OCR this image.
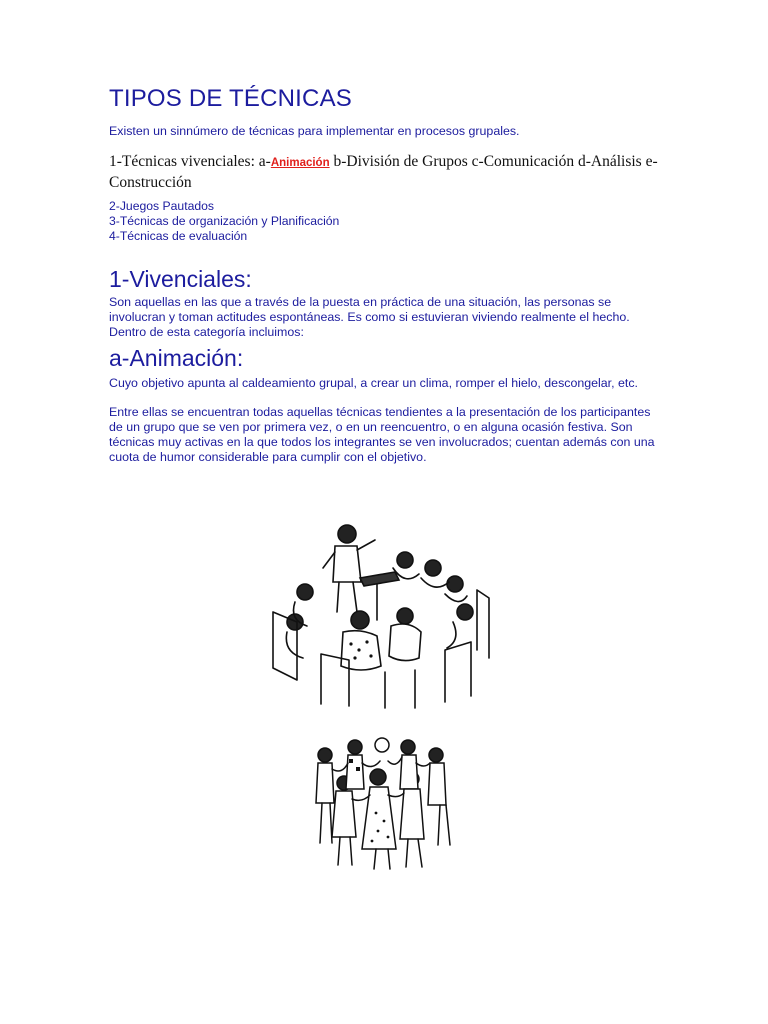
TIPOS DE TÉCNICAS

Existen un sinnúmero de técnicas para implementar en procesos grupales.

1-Técnicas vivenciales: a-Animación b-División de Grupos c-Comunicación d-Análisis e-Construcción

2-Juegos Pautados
3-Técnicas de organización y Planificación
4-Técnicas de evaluación
1-Vivenciales:

Son aquellas en las que a través de la puesta en práctica de una situación, las personas se involucran y toman actitudes espontáneas. Es como si estuvieran viviendo realmente el hecho. Dentro de esta categoría incluimos:

a-Animación:

Cuyo objetivo apunta al caldeamiento grupal, a crear un clima, romper el hielo, descongelar, etc.

Entre ellas se encuentran todas aquellas técnicas tendientes a la presentación de los participantes de un grupo que se ven por primera vez, o en un reencuentro, o en alguna ocasión festiva. Son técnicas muy activas en la que todos los integrantes se ven involucrados; cuentan además con una cuota de humor considerable para cumplir con el objetivo.
